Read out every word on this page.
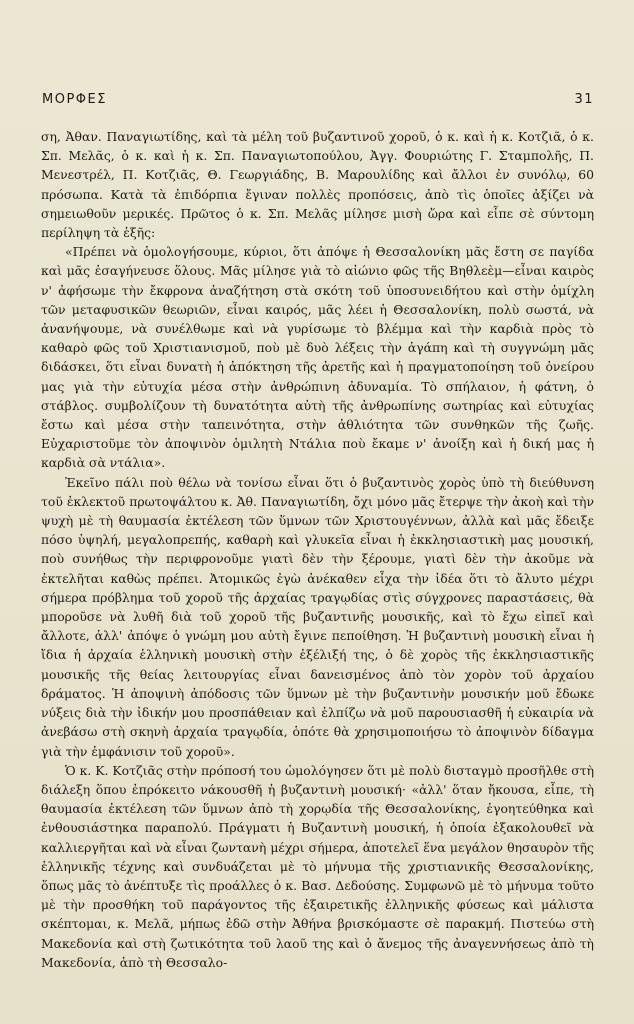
ΜΟΡΦΕΣ	31

ση, Ἀθαν. Παναγιωτίδης, καὶ τὰ μέλη τοῦ βυζαντινοῦ χοροῦ, ὁ κ. καὶ ἡ κ. Κοτζιᾶ, ὁ κ. Σπ. Μελᾶς, ὁ κ. καὶ ἡ κ. Σπ. Παναγιωτοπούλου, Ἀγγ. Φουριώτης Γ. Σταμπολῆς, Π. Μενεστρέλ, Π. Κοτζιᾶς, Θ. Γεωργιάδης, Β. Μαρουλίδης καὶ ἄλλοι ἐν συνόλῳ, 60 πρόσωπα. Κατὰ τὰ ἐπιδόρπια ἔγιναν πολλὲς προπόσεις, ἀπὸ τὶς ὁποῖες ἀξίζει νὰ σημειωθοῦν μερικές. Πρῶτος ὁ κ. Σπ. Μελᾶς μίλησε μισὴ ὥρα καὶ εἶπε σὲ σύντομη περίληψη τὰ ἑξῆς:

«Πρέπει νὰ ὁμολογήσουμε, κύριοι, ὅτι ἀπόψε ἡ Θεσσαλονίκη μᾶς ἔστη σε παγίδα καὶ μᾶς ἐσαγήνευσε ὅλους. Μᾶς μίλησε γιὰ τὸ αἰώνιο φῶς τῆς Βηθλεὲμ—εἶναι καιρὸς ν' ἀφήσωμε τὴν ἔκφρονα ἀναζήτηση στὰ σκότη τοῦ ὑποσυνειδήτου καὶ στὴν ὁμίχλη τῶν μεταφυσικῶν θεωριῶν, εἶναι καιρός, μᾶς λέει ἡ Θεσσαλονίκη, πολὺ σωστά, νὰ ἀνανήψουμε, νὰ συνέλθωμε καὶ νὰ γυρίσωμε τὸ βλέμμα καὶ τὴν καρδιὰ πρὸς τὸ καθαρὸ φῶς τοῦ Χριστιανισμοῦ, ποὺ μὲ δυὸ λέξεις τὴν ἀγάπη καὶ τὴ συγγνώμη μᾶς διδάσκει, ὅτι εἶναι δυνατὴ ἡ ἀπόκτηση τῆς ἀρετῆς καὶ ἡ πραγματοποίηση τοῦ ὀνείρου μας γιὰ τὴν εὐτυχία μέσα στὴν ἀνθρώπινη ἀδυναμία. Τὸ σπήλαιον, ἡ φάτνη, ὁ στάβλος. συμβολίζουν τὴ δυνατότητα αὐτὴ τῆς ἀνθρωπίνης σωτηρίας καὶ εὐτυχίας ἔστω καὶ μέσα στὴν ταπεινότητα, στὴν ἀθλιότητα τῶν συνθηκῶν τῆς ζωῆς. Εὐχαριστοῦμε τὸν ἀποψινὸν ὁμιλητὴ Ντάλια ποὺ ἔκαμε ν' ἀνοίξη καὶ ἡ δική μας ἡ καρδιὰ σὰ ντάλια».

Ἐκεῖνο πάλι ποὺ θέλω νὰ τονίσω εἶναι ὅτι ὁ βυζαντινὸς χορὸς ὑπὸ τὴ διεύθυνση τοῦ ἐκλεκτοῦ πρωτοψάλτου κ. Ἀθ. Παναγιωτίδη, ὄχι μόνο μᾶς ἔτερψε τὴν ἀκοὴ καὶ τὴν ψυχὴ μὲ τὴ θαυμασία ἐκτέλεση τῶν ὕμνων τῶν Χριστουγέννων, ἀλλὰ καὶ μᾶς ἔδειξε πόσο ὑψηλή, μεγαλοπρεπής, καθαρὴ καὶ γλυκεῖα εἶναι ἡ ἐκκλησιαστικὴ μας μουσική, ποὺ συνήθως τὴν περιφρονοῦμε γιατὶ δὲν τὴν ξέρουμε, γιατὶ δὲν τὴν ἀκοῦμε νὰ ἐκτελῆται καθὼς πρέπει. Ἀτομικῶς ἐγὼ ἀνέκαθεν εἶχα τὴν ἰδέα ὅτι τὸ ἄλυτο μέχρι σήμερα πρόβλημα τοῦ χοροῦ τῆς ἀρχαίας τραγῳδίας στὶς σύγχρονες παραστάσεις, θὰ μποροῦσε νὰ λυθῆ διὰ τοῦ χοροῦ τῆς βυζαντινῆς μουσικῆς, καὶ τὸ ἔχω εἰπεῖ καὶ ἄλλοτε, ἀλλ' ἀπόψε ὁ γνώμη μου αὐτὴ ἔγινε πεποίθηση. Ἡ βυζαντινὴ μουσικὴ εἶναι ἡ ἴδια ἡ ἀρχαία ἑλληνικὴ μουσικὴ στὴν ἐξέλιξή της, ὁ δὲ χορὸς τῆς ἐκκλησιαστικῆς μουσικῆς τῆς θείας λειτουργίας εἶναι δανεισμένος ἀπὸ τὸν χορὸν τοῦ ἀρχαίου δράματος. Ἡ ἀποψινὴ ἀπόδοσις τῶν ὕμνων μὲ τὴν βυζαντινὴν μουσικήν μοῦ ἔδωκε νύξεις διὰ τὴν ἰδικήν μου προσπάθειαν καὶ ἐλπίζω νὰ μοῦ παρουσιασθῆ ἡ εὐκαιρία νὰ ἀνεβάσω στὴ σκηνὴ ἀρχαία τραγῳδία, ὁπότε θὰ χρησιμοποιήσω τὸ ἀποψινὸν δίδαγμα γιὰ τὴν ἐμφάνισιν τοῦ χοροῦ».

Ὁ κ. Κ. Κοτζιᾶς στὴν πρόποσή του ὡμολόγησεν ὅτι μὲ πολὺ δισταγμὸ προσῆλθε στὴ διάλεξη ὅπου ἐπρόκειτο νάκουσθῆ ἡ βυζαντινὴ μουσική· «ἀλλ' ὅταν ἤκουσα, εἶπε, τὴ θαυμασία ἐκτέλεση τῶν ὕμνων ἀπὸ τὴ χορῳδία τῆς Θεσσαλονίκης, ἐγοητεύθηκα καὶ ἐνθουσιάστηκα παραπολύ. Πράγματι ἡ Βυζαντινὴ μουσική, ἡ ὁποία ἐξακολουθεῖ νὰ καλλιεργῆται καὶ νὰ εἶναι ζωντανὴ μέχρι σήμερα, ἀποτελεῖ ἕνα μεγάλον θησαυρὸν τῆς ἑλληνικῆς τέχνης καὶ συνδυάζεται μὲ τὸ μήνυμα τῆς χριστιανικῆς Θεσσαλονίκης, ὅπως μᾶς τὸ ἀνέπτυξε τὶς προάλλες ὁ κ. Βασ. Δεδούσης. Συμφωνῶ μὲ τὸ μήνυμα τοῦτο μὲ τὴν προσθήκη τοῦ παράγοντος τῆς ἐξαιρετικῆς ἑλληνικῆς φύσεως καὶ μάλιστα σκέπτομαι, κ. Μελᾶ, μήπως ἐδῶ στὴν Ἀθήνα βρισκόμαστε σὲ παρακμή. Πιστεύω στὴ Μακεδονία καὶ στὴ ζωτικότητα τοῦ λαοῦ της καὶ ὁ ἄνεμος τῆς ἀναγεννήσεως ἀπὸ τὴ Μακεδονία, ἀπὸ τὴ Θεσσαλο-
